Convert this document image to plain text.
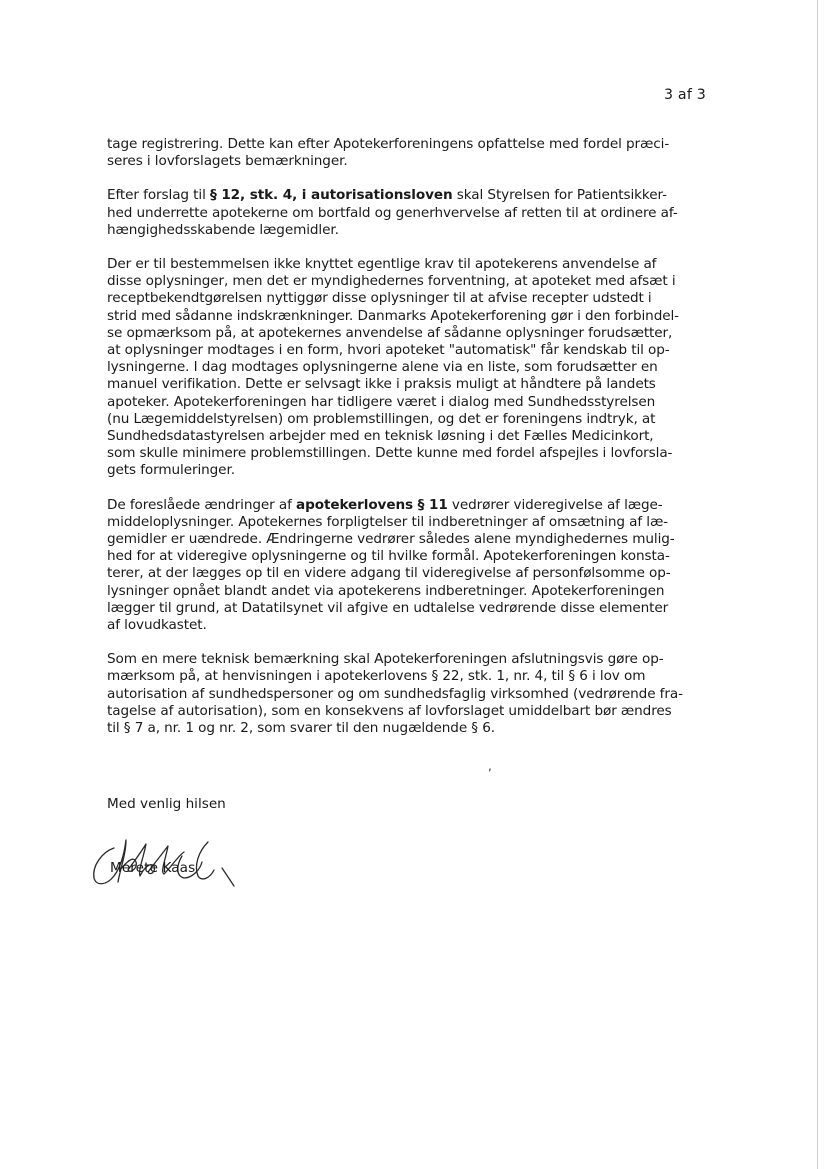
3 af 3
tage registrering. Dette kan efter Apotekerforeningens opfattelse med fordel præci-
seres i lovforslagets bemærkninger.
Efter forslag til § 12, stk. 4, i autorisationsloven skal Styrelsen for Patientsikker-
hed underrette apotekerne om bortfald og generhvervelse af retten til at ordinere af-
hængighedsskabende lægemidler.
Der er til bestemmelsen ikke knyttet egentlige krav til apotekerens anvendelse af
disse oplysninger, men det er myndighedernes forventning, at apoteket med afsæt i
receptbekendtgørelsen nyttiggør disse oplysninger til at afvise recepter udstedt i
strid med sådanne indskrænkninger. Danmarks Apotekerforening gør i den forbindel-
se opmærksom på, at apotekernes anvendelse af sådanne oplysninger forudsætter,
at oplysninger modtages i en form, hvori apoteket "automatisk" får kendskab til op-
lysningerne. I dag modtages oplysningerne alene via en liste, som forudsætter en
manuel verifikation. Dette er selvsagt ikke i praksis muligt at håndtere på landets
apoteker. Apotekerforeningen har tidligere været i dialog med Sundhedsstyrelsen
(nu Lægemiddelstyrelsen) om problemstillingen, og det er foreningens indtryk, at
Sundhedsdatastyrelsen arbejder med en teknisk løsning i det Fælles Medicinkort,
som skulle minimere problemstillingen. Dette kunne med fordel afspejles i lovforsla-
gets formuleringer.
De foreslåede ændringer af apotekerlovens § 11 vedrører videregivelse af læge-
middeloplysninger. Apotekernes forpligtelser til indberetninger af omsætning af læ-
gemidler er uændrede. Ændringerne vedrører således alene myndighedernes mulig-
hed for at videregive oplysningerne og til hvilke formål. Apotekerforeningen konsta-
terer, at der lægges op til en videre adgang til videregivelse af personfølsomme op-
lysninger opnået blandt andet via apotekerens indberetninger. Apotekerforeningen
lægger til grund, at Datatilsynet vil afgive en udtalelse vedrørende disse elementer
af lovudkastet.
Som en mere teknisk bemærkning skal Apotekerforeningen afslutningsvis gøre op-
mærksom på, at henvisningen i apotekerlovens § 22, stk. 1, nr. 4, til § 6 i lov om
autorisation af sundhedspersoner og om sundhedsfaglig virksomhed (vedrørende fra-
tagelse af autorisation), som en konsekvens af lovforslaget umiddelbart bør ændres
til § 7 a, nr. 1 og nr. 2, som svarer til den nugældende § 6.
,
Med venlig hilsen
Merete Kaas
